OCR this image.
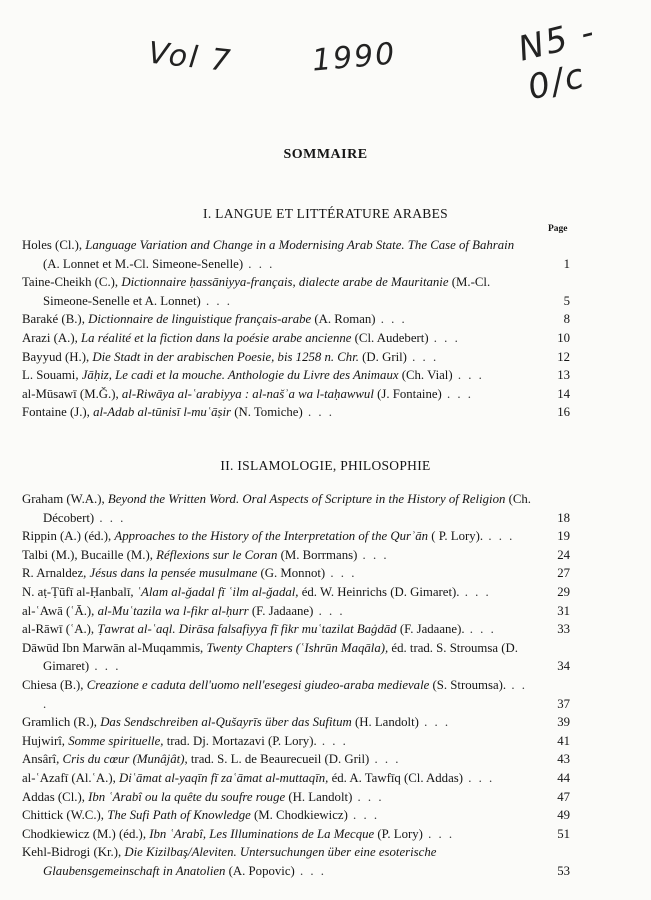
Vol 7	1990	N5 - 0/c
SOMMAIRE
I. LANGUE ET LITTÉRATURE ARABES
Page
Holes (Cl.), Language Variation and Change in a Modernising Arab State. The Case of Bahrain (A. Lonnet et M.-Cl. Simeone-Senelle) . . .	1
Taine-Cheikh (C.), Dictionnaire ḥassāniyya-français, dialecte arabe de Mauritanie (M.-Cl. Simeone-Senelle et A. Lonnet) . . .	5
Baraké (B.), Dictionnaire de linguistique français-arabe (A. Roman) . . .	8
Arazi (A.), La réalité et la fiction dans la poésie arabe ancienne (Cl. Audebert) . . .	10
Bayyud (H.), Die Stadt in der arabischen Poesie, bis 1258 n. Chr. (D. Gril) . . .	12
L. Souami, Jāḥiz, Le cadi et la mouche. Anthologie du Livre des Animaux (Ch. Vial) . . .	13
al-Mūsawī (M.Ǧ.), al-Riwāya al-ʿarabiyya : al-našʾa wa l-taḥawwul (J. Fontaine) . . .	14
Fontaine (J.), al-Adab al-tūnisī l-muʿāṣir (N. Tomiche) . . .	16
II. ISLAMOLOGIE, PHILOSOPHIE
Graham (W.A.), Beyond the Written Word. Oral Aspects of Scripture in the History of Religion (Ch. Décobert) . . .	18
Rippin (A.) (éd.), Approaches to the History of the Interpretation of the Qurʾān ( P. Lory). . . .	19
Talbi (M.), Bucaille (M.), Réflexions sur le Coran (M. Borrmans) . . .	24
R. Arnaldez, Jésus dans la pensée musulmane (G. Monnot) . . .	27
N. aṭ-Ṭūfī al-Ḥanbalī, ʿAlam al-ǧadal fī ʿilm al-ǧadal, éd. W. Heinrichs (D. Gimaret). . . .	29
al-ʿAwā (ʿĀ.), al-Muʿtazila wa l-fikr al-ḥurr (F. Jadaane) . . .	31
al-Rāwī (ʿA.), Ṭawrat al-ʿaql. Dirāsa falsafiyya fī fikr muʿtazilat Baġdād (F. Jadaane). . . .	33
Dāwūd Ibn Marwān al-Muqammis, Twenty Chapters (ʿIshrūn Maqāla), éd. trad. S. Stroumsa (D. Gimaret) . . .	34
Chiesa (B.), Creazione e caduta dell'uomo nell'esegesi giudeo-araba medievale (S. Stroumsa). . . .	37
Gramlich (R.), Das Sendschreiben al-Qušayrīs über das Sufitum (H. Landolt) . . .	39
Hujwirî, Somme spirituelle, trad. Dj. Mortazavi (P. Lory). . . .	41
Ansârî, Cris du cœur (Munâjât), trad. S. L. de Beaurecueil (D. Gril) . . .	43
al-ʿAzafī (Al.ʿA.), Diʿāmat al-yaqīn fī zaʿāmat al-muttaqīn, éd. A. Tawfīq (Cl. Addas) . . .	44
Addas (Cl.), Ibn ʿArabî ou la quête du soufre rouge (H. Landolt) . . .	47
Chittick (W.C.), The Sufi Path of Knowledge (M. Chodkiewicz) . . .	49
Chodkiewicz (M.) (éd.), Ibn ʿArabî, Les Illuminations de La Mecque (P. Lory) . . .	51
Kehl-Bidrogi (Kr.), Die Kizilbaş/Aleviten. Untersuchungen über eine esoterische Glaubensgemeinschaft in Anatolien (A. Popovic) . . .	53
